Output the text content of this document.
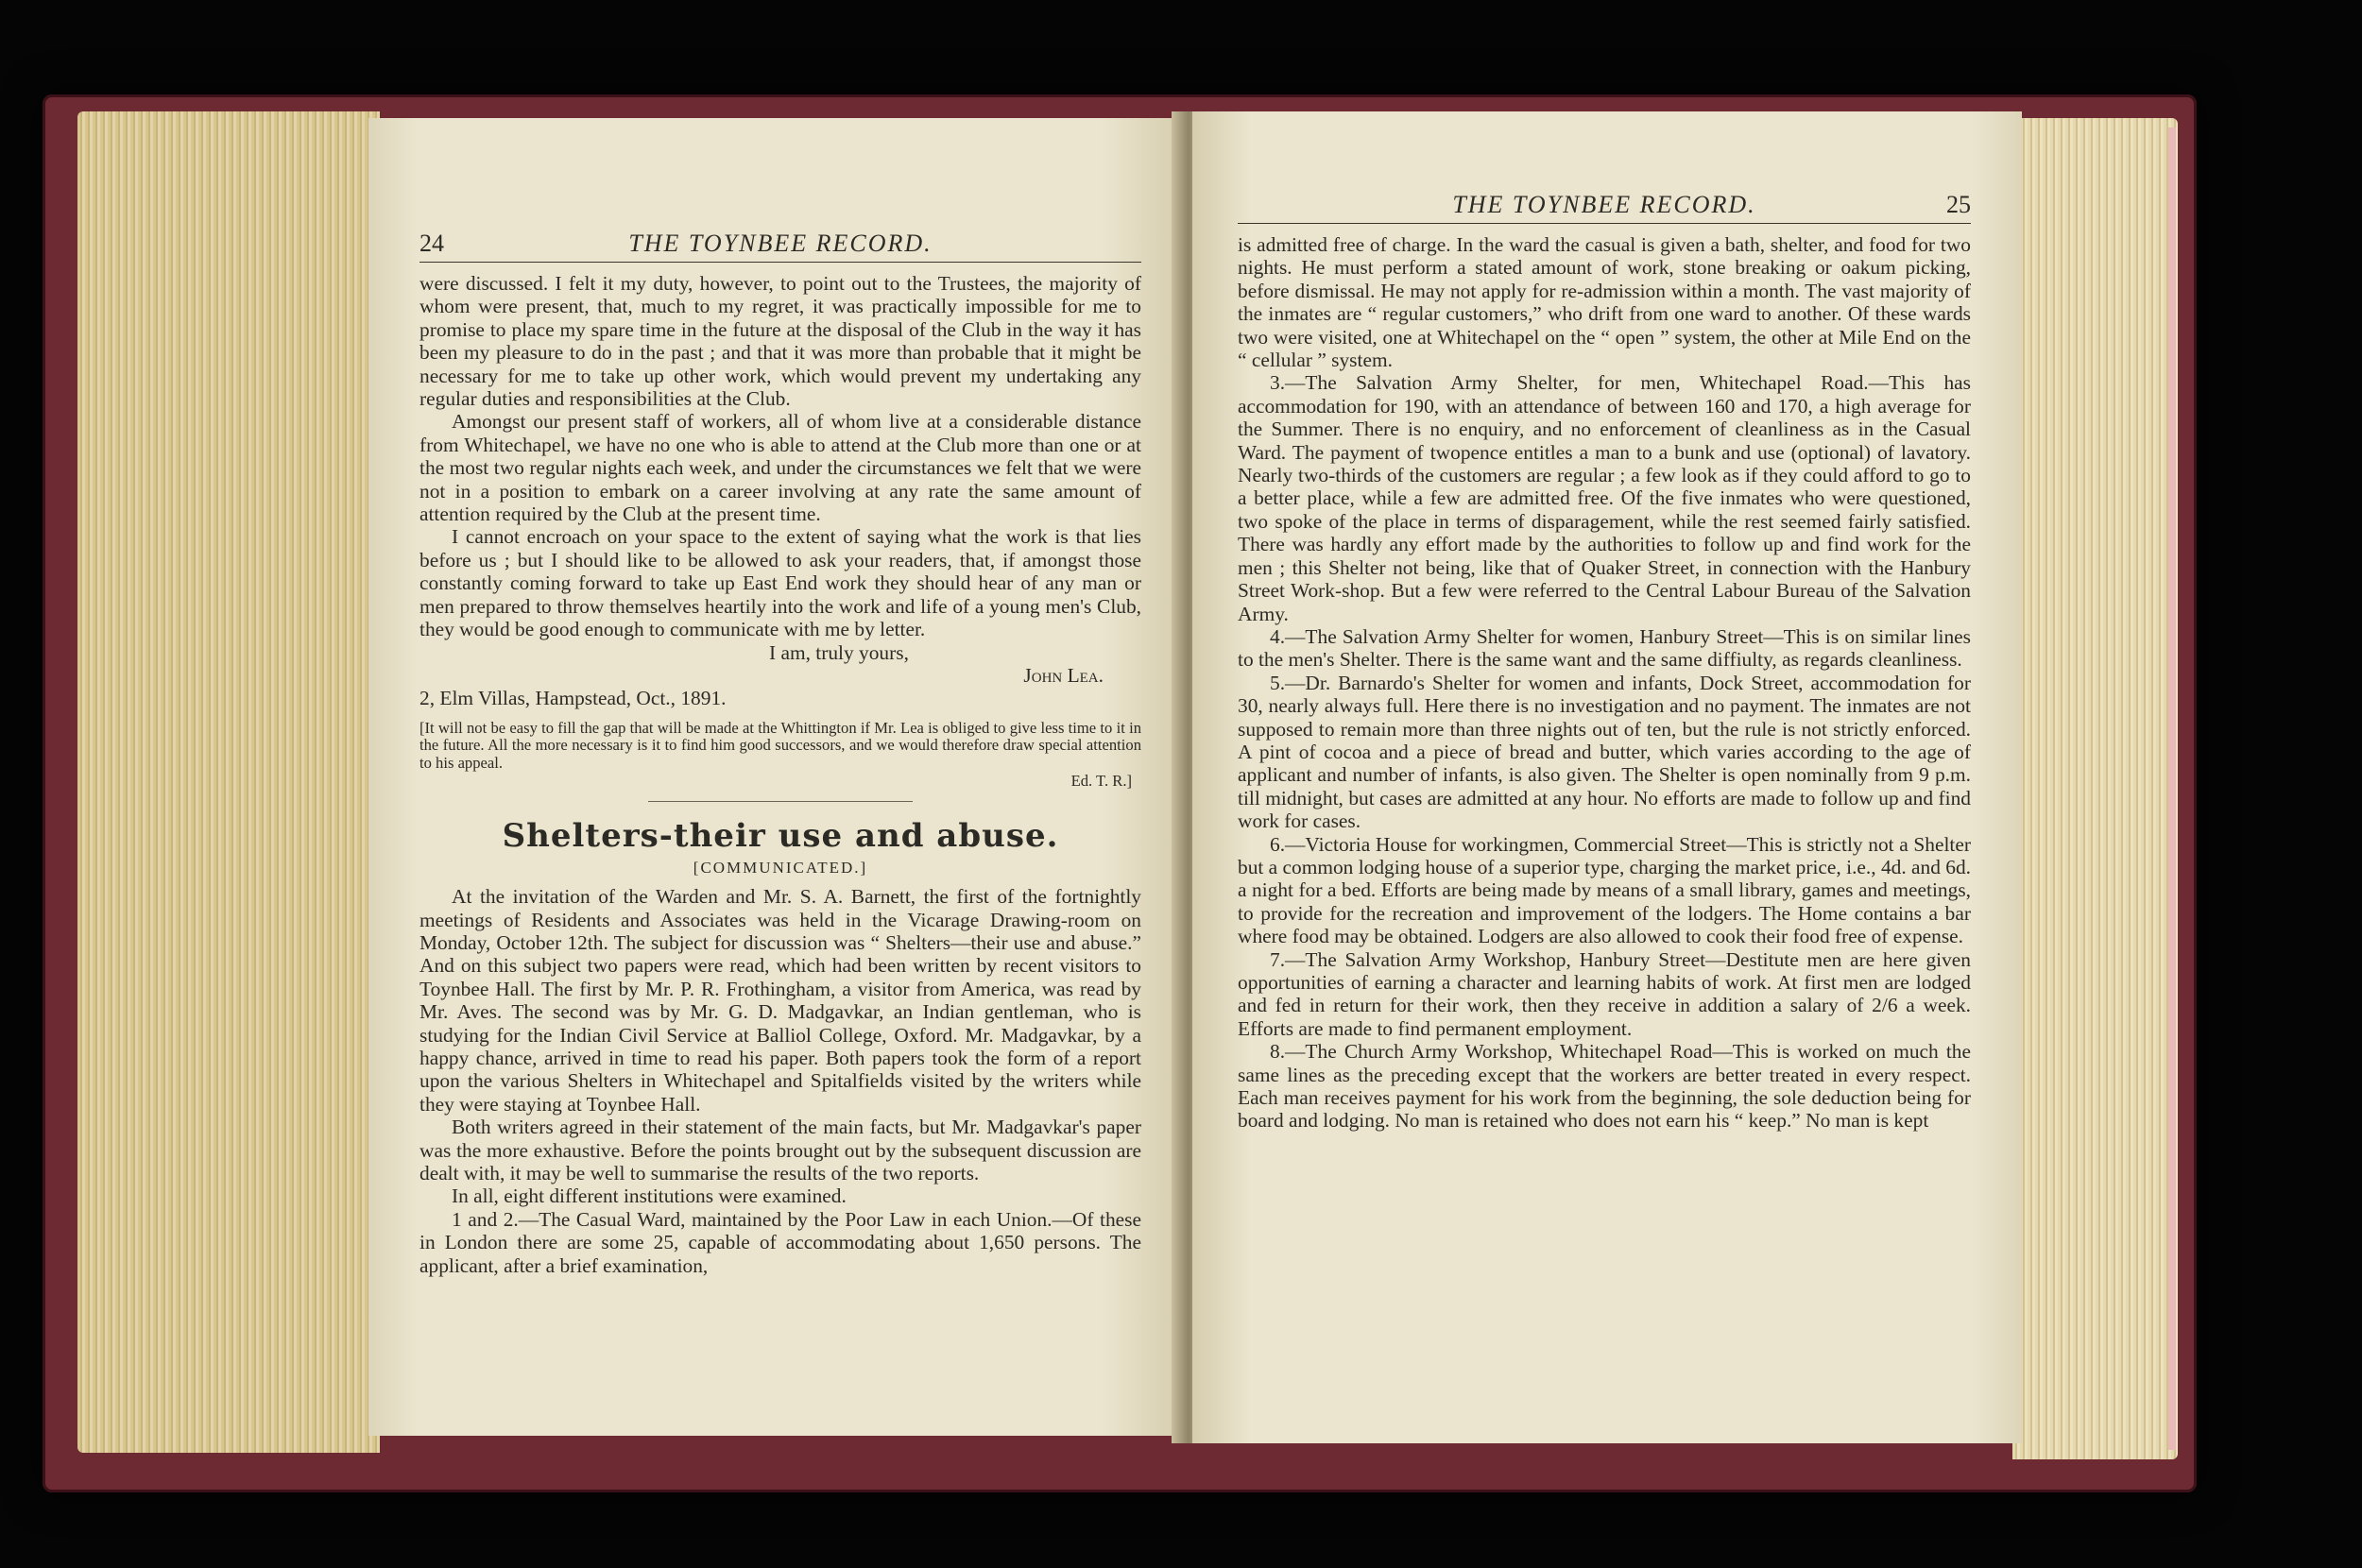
24	THE TOYNBEE RECORD.

were discussed. I felt it my duty, however, to point out to the Trustees, the majority of whom were present, that, much to my regret, it was practically impossible for me to promise to place my spare time in the future at the disposal of the Club in the way it has been my pleasure to do in the past ; and that it was more than probable that it might be necessary for me to take up other work, which would prevent my undertaking any regular duties and responsibilities at the Club.

Amongst our present staff of workers, all of whom live at a considerable distance from Whitechapel, we have no one who is able to attend at the Club more than one or at the most two regular nights each week, and under the circumstances we felt that we were not in a position to embark on a career involving at any rate the same amount of attention required by the Club at the present time.

I cannot encroach on your space to the extent of saying what the work is that lies before us ; but I should like to be allowed to ask your readers, that, if amongst those constantly coming forward to take up East End work they should hear of any man or men prepared to throw themselves heartily into the work and life of a young men's Club, they would be good enough to communicate with me by letter.

I am, truly yours,
John Lea.
2, Elm Villas, Hampstead, Oct., 1891.
[It will not be easy to fill the gap that will be made at the Whittington if Mr. Lea is obliged to give less time to it in the future. All the more necessary is it to find him good successors, and we would therefore draw special attention to his appeal.
Ed. T. R.]
Shelters-their use and abuse.
[COMMUNICATED.]

At the invitation of the Warden and Mr. S. A. Barnett, the first of the fortnightly meetings of Residents and Associates was held in the Vicarage Drawing-room on Monday, October 12th. The subject for discussion was “ Shelters—their use and abuse.” And on this subject two papers were read, which had been written by recent visitors to Toynbee Hall. The first by Mr. P. R. Frothingham, a visitor from America, was read by Mr. Aves. The second was by Mr. G. D. Madgavkar, an Indian gentleman, who is studying for the Indian Civil Service at Balliol College, Oxford. Mr. Madgavkar, by a happy chance, arrived in time to read his paper. Both papers took the form of a report upon the various Shelters in Whitechapel and Spitalfields visited by the writers while they were staying at Toynbee Hall.

Both writers agreed in their statement of the main facts, but Mr. Madgavkar's paper was the more exhaustive. Before the points brought out by the subsequent discussion are dealt with, it may be well to summarise the results of the two reports.

In all, eight different institutions were examined.

1 and 2.—The Casual Ward, maintained by the Poor Law in each Union.—Of these in London there are some 25, capable of accommodating about 1,650 persons. The applicant, after a brief examination,

THE TOYNBEE RECORD.	25

is admitted free of charge. In the ward the casual is given a bath, shelter, and food for two nights. He must perform a stated amount of work, stone breaking or oakum picking, before dismissal. He may not apply for re-admission within a month. The vast majority of the inmates are “ regular customers,” who drift from one ward to another. Of these wards two were visited, one at Whitechapel on the “ open ” system, the other at Mile End on the “ cellular ” system.

3.—The Salvation Army Shelter, for men, Whitechapel Road.—This has accommodation for 190, with an attendance of between 160 and 170, a high average for the Summer. There is no enquiry, and no enforcement of cleanliness as in the Casual Ward. The payment of twopence entitles a man to a bunk and use (optional) of lavatory. Nearly two-thirds of the customers are regular ; a few look as if they could afford to go to a better place, while a few are admitted free. Of the five inmates who were questioned, two spoke of the place in terms of disparagement, while the rest seemed fairly satisfied. There was hardly any effort made by the authorities to follow up and find work for the men ; this Shelter not being, like that of Quaker Street, in connection with the Hanbury Street Work-shop. But a few were referred to the Central Labour Bureau of the Salvation Army.

4.—The Salvation Army Shelter for women, Hanbury Street—This is on similar lines to the men's Shelter. There is the same want and the same diffiulty, as regards cleanliness.

5.—Dr. Barnardo's Shelter for women and infants, Dock Street, accommodation for 30, nearly always full. Here there is no investigation and no payment. The inmates are not supposed to remain more than three nights out of ten, but the rule is not strictly enforced. A pint of cocoa and a piece of bread and butter, which varies according to the age of applicant and number of infants, is also given. The Shelter is open nominally from 9 p.m. till midnight, but cases are admitted at any hour. No efforts are made to follow up and find work for cases.

6.—Victoria House for workingmen, Commercial Street—This is strictly not a Shelter but a common lodging house of a superior type, charging the market price, i.e., 4d. and 6d. a night for a bed. Efforts are being made by means of a small library, games and meetings, to provide for the recreation and improvement of the lodgers. The Home contains a bar where food may be obtained. Lodgers are also allowed to cook their food free of expense.

7.—The Salvation Army Workshop, Hanbury Street—Destitute men are here given opportunities of earning a character and learning habits of work. At first men are lodged and fed in return for their work, then they receive in addition a salary of 2/6 a week. Efforts are made to find permanent employment.

8.—The Church Army Workshop, Whitechapel Road—This is worked on much the same lines as the preceding except that the workers are better treated in every respect. Each man receives payment for his work from the beginning, the sole deduction being for board and lodging. No man is retained who does not earn his “ keep.” No man is kept
